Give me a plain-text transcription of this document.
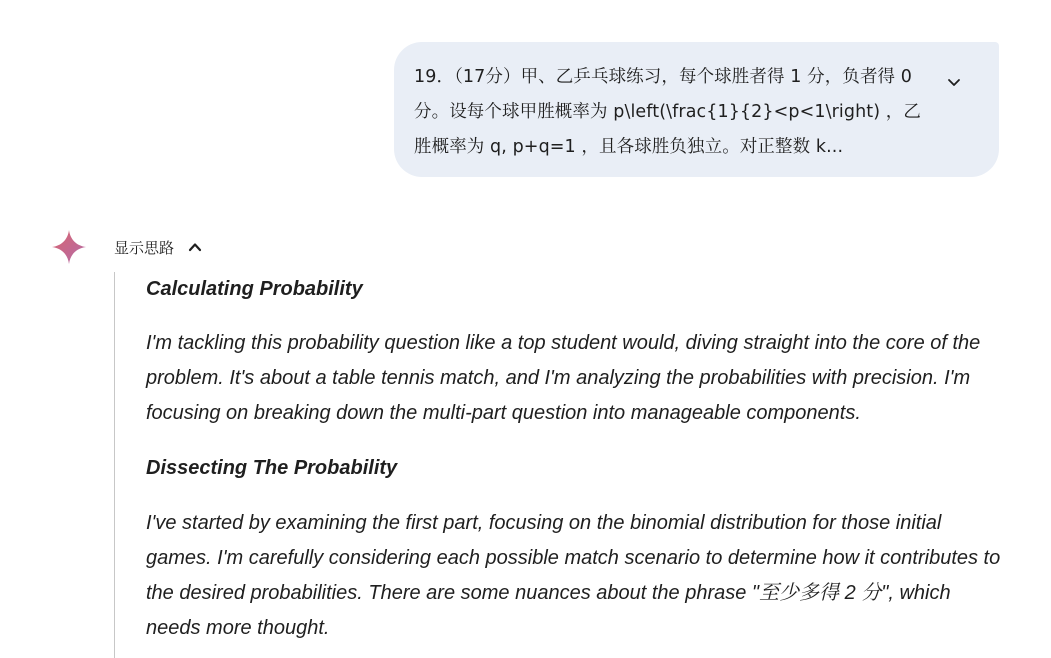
19．（17分）甲、乙乒乓球练习，每个球胜者得 1 分，负者得 0 分。设每个球甲胜概率为 p\left(\frac{1}{2}<p<1\right) ，乙胜概率为 q, p+q=1 ，且各球胜负独立。对正整数 k...

显示思路
Calculating Probability

I'm tackling this probability question like a top student would, diving straight into the core of the problem. It's about a table tennis match, and I'm analyzing the probabilities with precision. I'm focusing on breaking down the multi-part question into manageable components.

Dissecting The Probability

I've started by examining the first part, focusing on the binomial distribution for those initial games. I'm carefully considering each possible match scenario to determine how it contributes to the desired probabilities. There are some nuances about the phrase "至少多得 2 分", which needs more thought.
